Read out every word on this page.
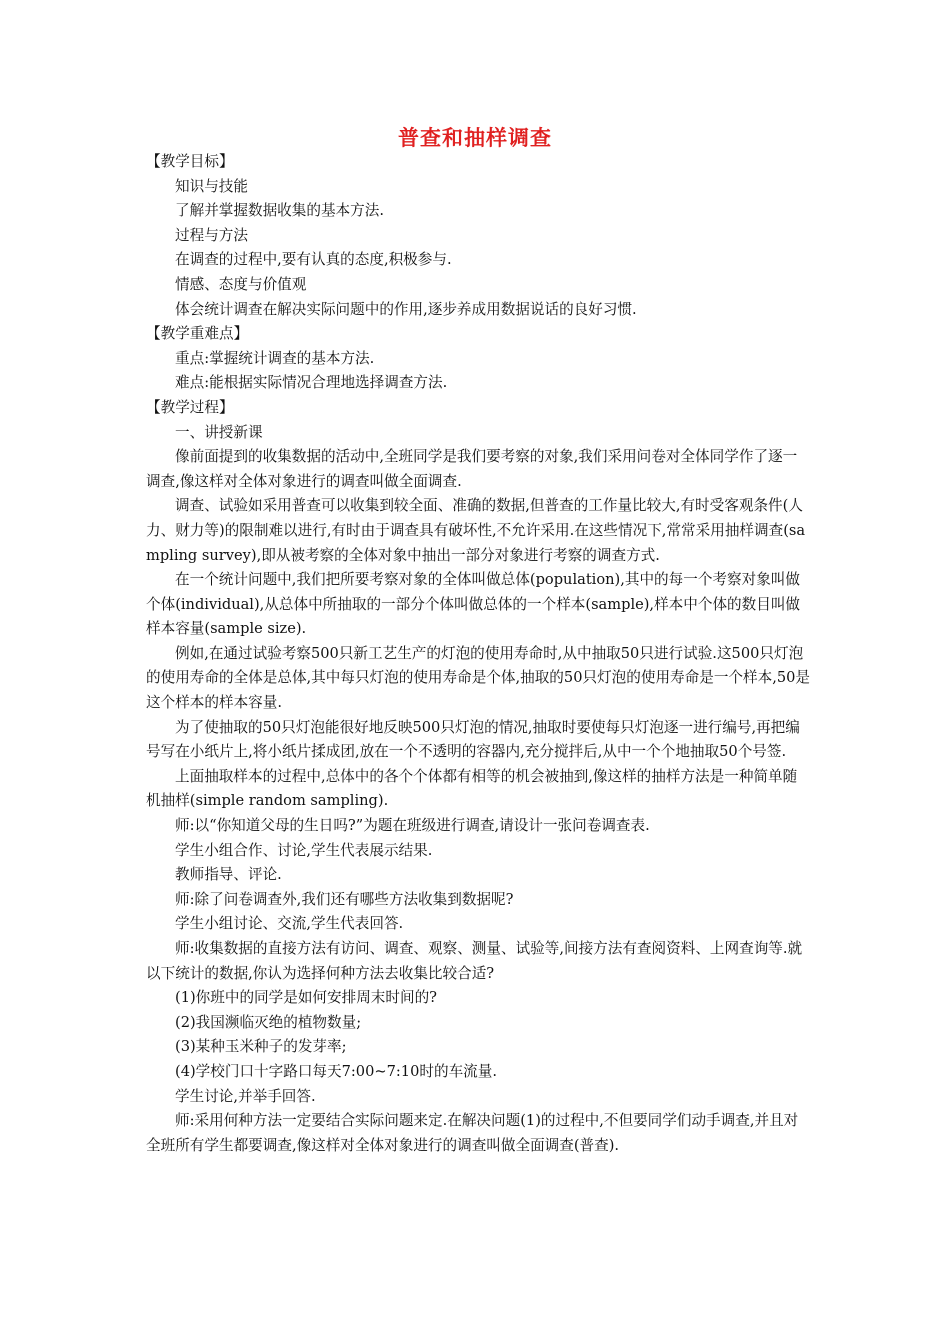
普查和抽样调查

【教学目标】

知识与技能

了解并掌握数据收集的基本方法.

过程与方法

在调查的过程中,要有认真的态度,积极参与.

情感、态度与价值观

体会统计调查在解决实际问题中的作用,逐步养成用数据说话的良好习惯.

【教学重难点】

重点:掌握统计调查的基本方法.

难点:能根据实际情况合理地选择调查方法.

【教学过程】

一、讲授新课

像前面提到的收集数据的活动中,全班同学是我们要考察的对象,我们采用问卷对全体同学作了逐一调查,像这样对全体对象进行的调查叫做全面调查.

调查、试验如采用普查可以收集到较全面、准确的数据,但普查的工作量比较大,有时受客观条件(人力、财力等)的限制难以进行,有时由于调查具有破坏性,不允许采用.在这些情况下,常常采用抽样调查(sampling survey),即从被考察的全体对象中抽出一部分对象进行考察的调查方式.

在一个统计问题中,我们把所要考察对象的全体叫做总体(population),其中的每一个考察对象叫做个体(individual),从总体中所抽取的一部分个体叫做总体的一个样本(sample),样本中个体的数目叫做样本容量(sample size).

例如,在通过试验考察500只新工艺生产的灯泡的使用寿命时,从中抽取50只进行试验.这500只灯泡的使用寿命的全体是总体,其中每只灯泡的使用寿命是个体,抽取的50只灯泡的使用寿命是一个样本,50是这个样本的样本容量.

为了使抽取的50只灯泡能很好地反映500只灯泡的情况,抽取时要使每只灯泡逐一进行编号,再把编号写在小纸片上,将小纸片揉成团,放在一个不透明的容器内,充分搅拌后,从中一个个地抽取50个号签.

上面抽取样本的过程中,总体中的各个个体都有相等的机会被抽到,像这样的抽样方法是一种简单随机抽样(simple random sampling).

师:以“你知道父母的生日吗?”为题在班级进行调查,请设计一张问卷调查表.

学生小组合作、讨论,学生代表展示结果.

教师指导、评论.

师:除了问卷调查外,我们还有哪些方法收集到数据呢?

学生小组讨论、交流,学生代表回答.

师:收集数据的直接方法有访问、调查、观察、测量、试验等,间接方法有查阅资料、上网查询等.就以下统计的数据,你认为选择何种方法去收集比较合适?

(1)你班中的同学是如何安排周末时间的?

(2)我国濒临灭绝的植物数量;

(3)某种玉米种子的发芽率;

(4)学校门口十字路口每天7:00~7:10时的车流量.

学生讨论,并举手回答.

师:采用何种方法一定要结合实际问题来定.在解决问题(1)的过程中,不但要同学们动手调查,并且对全班所有学生都要调查,像这样对全体对象进行的调查叫做全面调查(普查).
